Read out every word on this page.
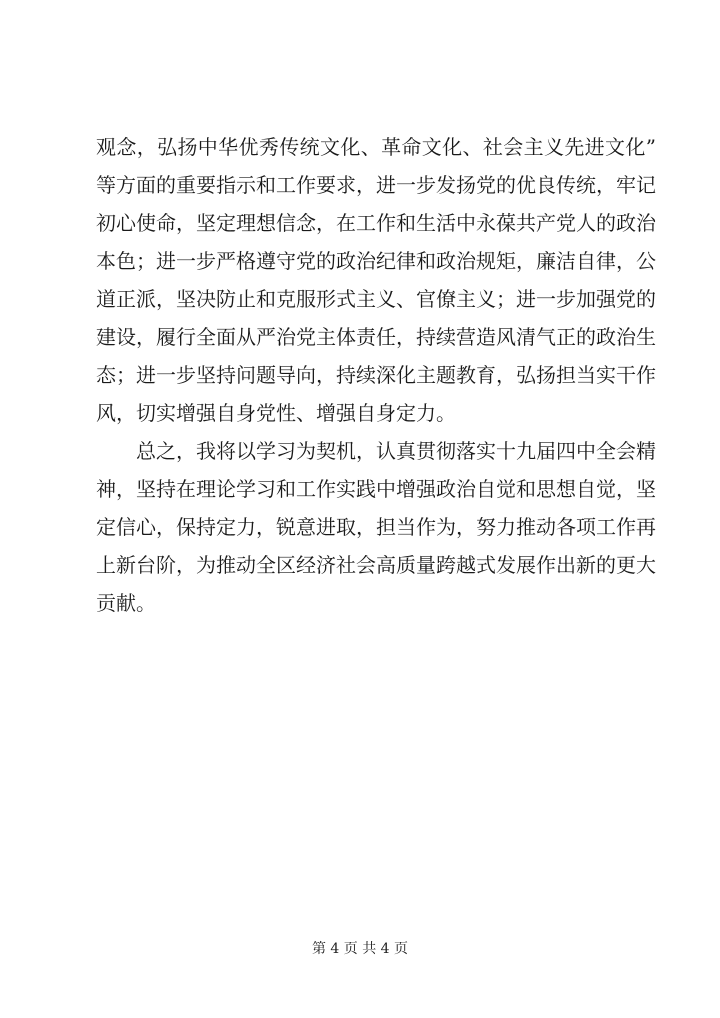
观念，弘扬中华优秀传统文化、革命文化、社会主义先进文化”
等方面的重要指示和工作要求，进一步发扬党的优良传统，牢记
初心使命，坚定理想信念，在工作和生活中永葆共产党人的政治
本色；进一步严格遵守党的政治纪律和政治规矩，廉洁自律，公
道正派，坚决防止和克服形式主义、官僚主义；进一步加强党的
建设，履行全面从严治党主体责任，持续营造风清气正的政治生
态；进一步坚持问题导向，持续深化主题教育，弘扬担当实干作
风，切实增强自身党性、增强自身定力。
总之，我将以学习为契机，认真贯彻落实十九届四中全会精
神，坚持在理论学习和工作实践中增强政治自觉和思想自觉，坚
定信心，保持定力，锐意进取，担当作为，努力推动各项工作再
上新台阶，为推动全区经济社会高质量跨越式发展作出新的更大
贡献。
第 4 页 共 4 页
